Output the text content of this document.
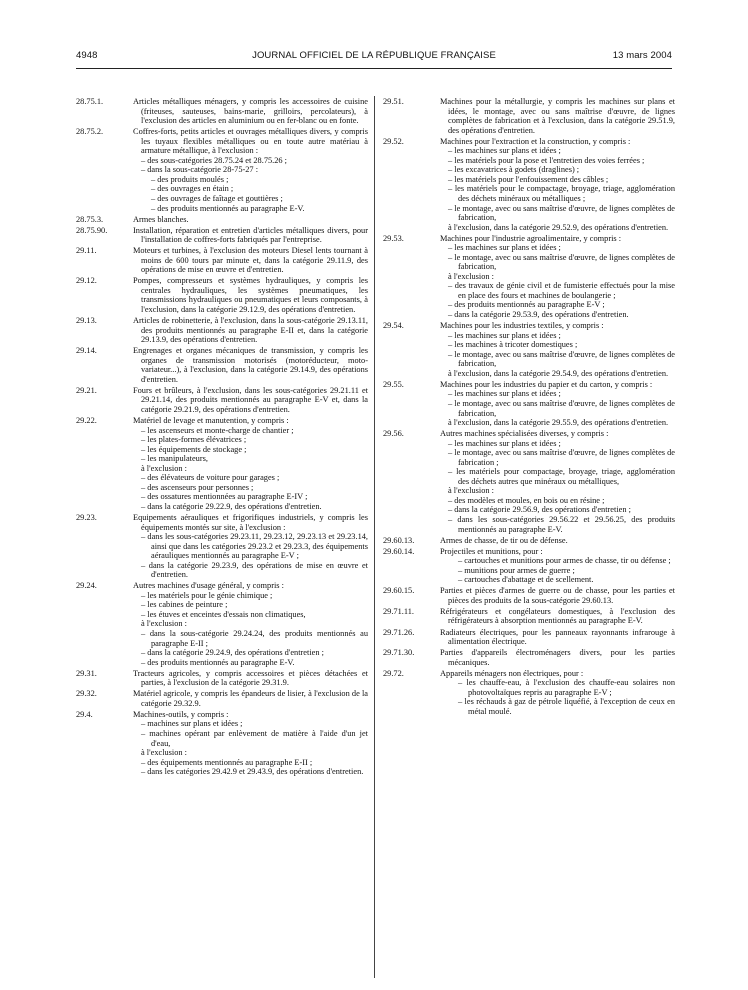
4948	JOURNAL OFFICIEL DE LA RÉPUBLIQUE FRANÇAISE	13 mars 2004
28.75.1.	Articles métalliques ménagers, y compris les accessoires de cuisine (friteuses, sauteuses, bains-marie, grilloirs, percolateurs), à l'exclusion des articles en aluminium ou en fer-blanc ou en fonte.
28.75.2.	Coffres-forts, petits articles et ouvrages métalliques divers, y compris les tuyaux flexibles métalliques ou en toute autre matériau à armature métallique, à l'exclusion :
– des sous-catégories 28.75.24 et 28.75.26 ;
– dans la sous-catégorie 28-75-27 :
– des produits moulés ;
– des ouvrages en étain ;
– des ouvrages de faîtage et gouttières ;
– des produits mentionnés au paragraphe E-V.
28.75.3.	Armes blanches.
28.75.90.	Installation, réparation et entretien d'articles métalliques divers, pour l'installation de coffres-forts fabriqués par l'entreprise.
29.11.	Moteurs et turbines, à l'exclusion des moteurs Diesel lents tournant à moins de 600 tours par minute et, dans la catégorie 29.11.9, des opérations de mise en œuvre et d'entretien.
29.12.	Pompes, compresseurs et systèmes hydrauliques, y compris les centrales hydrauliques, les systèmes pneumatiques, les transmissions hydrauliques ou pneumatiques et leurs composants, à l'exclusion, dans la catégorie 29.12.9, des opérations d'entretien.
29.13.	Articles de robinetterie, à l'exclusion, dans la sous-catégorie 29.13.11, des produits mentionnés au paragraphe E-II et, dans la catégorie 29.13.9, des opérations d'entretien.
29.14.	Engrenages et organes mécaniques de transmission, y compris les organes de transmission motorisés (motoréducteur, moto-variateur...), à l'exclusion, dans la catégorie 29.14.9, des opérations d'entretien.
29.21.	Fours et brûleurs, à l'exclusion, dans les sous-catégories 29.21.11 et 29.21.14, des produits mentionnés au paragraphe E-V et, dans la catégorie 29.21.9, des opérations d'entretien.
29.22.	Matériel de levage et manutention, y compris :
– les ascenseurs et monte-charge de chantier ;
– les plates-formes élévatrices ;
– les équipements de stockage ;
– les manipulateurs,
à l'exclusion :
– des élévateurs de voiture pour garages ;
– des ascenseurs pour personnes ;
– des ossatures mentionnées au paragraphe E-IV ;
– dans la catégorie 29.22.9, des opérations d'entretien.
29.23.	Equipements aérauliques et frigorifiques industriels, y compris les équipements montés sur site, à l'exclusion :
– dans les sous-catégories 29.23.11, 29.23.12, 29.23.13 et 29.23.14, ainsi que dans les catégories 29.23.2 et 29.23.3, des équipements aérauliques mentionnés au paragraphe E-V ;
– dans la catégorie 29.23.9, des opérations de mise en œuvre et d'entretien.
29.24.	Autres machines d'usage général, y compris :
– les matériels pour le génie chimique ;
– les cabines de peinture ;
– les étuves et enceintes d'essais non climatiques,
à l'exclusion :
– dans la sous-catégorie 29.24.24, des produits mentionnés au paragraphe E-II ;
– dans la catégorie 29.24.9, des opérations d'entretien ;
– des produits mentionnés au paragraphe E-V.
29.31.	Tracteurs agricoles, y compris accessoires et pièces détachées et parties, à l'exclusion de la catégorie 29.31.9.
29.32.	Matériel agricole, y compris les épandeurs de lisier, à l'exclusion de la catégorie 29.32.9.
29.4.	Machines-outils, y compris :
– machines sur plans et idées ;
– machines opérant par enlèvement de matière à l'aide d'un jet d'eau,
à l'exclusion :
– des équipements mentionnés au paragraphe E-II ;
– dans les catégories 29.42.9 et 29.43.9, des opérations d'entretien.
29.51.	Machines pour la métallurgie, y compris les machines sur plans et idées, le montage, avec ou sans maîtrise d'œuvre, de lignes complètes de fabrication et à l'exclusion, dans la catégorie 29.51.9, des opérations d'entretien.
29.52.	Machines pour l'extraction et la construction, y compris :
– les machines sur plans et idées ;
– les matériels pour la pose et l'entretien des voies ferrées ;
– les excavatrices à godets (draglines) ;
– les matériels pour l'enfouissement des câbles ;
– les matériels pour le compactage, broyage, triage, agglomération des déchets minéraux ou métalliques ;
– le montage, avec ou sans maîtrise d'œuvre, de lignes complètes de fabrication,
à l'exclusion, dans la catégorie 29.52.9, des opérations d'entretien.
29.53.	Machines pour l'industrie agroalimentaire, y compris :
– les machines sur plans et idées ;
– le montage, avec ou sans maîtrise d'œuvre, de lignes complètes de fabrication,
à l'exclusion :
– des travaux de génie civil et de fumisterie effectués pour la mise en place des fours et machines de boulangerie ;
– des produits mentionnés au paragraphe E-V ;
– dans la catégorie 29.53.9, des opérations d'entretien.
29.54.	Machines pour les industries textiles, y compris :
– les machines sur plans et idées ;
– les machines à tricoter domestiques ;
– le montage, avec ou sans maîtrise d'œuvre, de lignes complètes de fabrication,
à l'exclusion, dans la catégorie 29.54.9, des opérations d'entretien.
29.55.	Machines pour les industries du papier et du carton, y compris :
– les machines sur plans et idées ;
– le montage, avec ou sans maîtrise d'œuvre, de lignes complètes de fabrication,
à l'exclusion, dans la catégorie 29.55.9, des opérations d'entretien.
29.56.	Autres machines spécialisées diverses, y compris :
– les machines sur plans et idées ;
– le montage, avec ou sans maîtrise d'œuvre, de lignes complètes de fabrication ;
– les matériels pour compactage, broyage, triage, agglomération des déchets autres que minéraux ou métalliques,
à l'exclusion :
– des modèles et moules, en bois ou en résine ;
– dans la catégorie 29.56.9, des opérations d'entretien ;
– dans les sous-catégories 29.56.22 et 29.56.25, des produits mentionnés au paragraphe E-V.
29.60.13.	Armes de chasse, de tir ou de défense.
29.60.14.	Projectiles et munitions, pour :
– cartouches et munitions pour armes de chasse, tir ou défense ;
– munitions pour armes de guerre ;
– cartouches d'abattage et de scellement.
29.60.15.	Parties et pièces d'armes de guerre ou de chasse, pour les parties et pièces des produits de la sous-catégorie 29.60.13.
29.71.11.	Réfrigérateurs et congélateurs domestiques, à l'exclusion des réfrigérateurs à absorption mentionnés au paragraphe E-V.
29.71.26.	Radiateurs électriques, pour les panneaux rayonnants infrarouge à alimentation électrique.
29.71.30.	Parties d'appareils électroménagers divers, pour les parties mécaniques.
29.72.	Appareils ménagers non électriques, pour :
– les chauffe-eau, à l'exclusion des chauffe-eau solaires non photovoltaïques repris au paragraphe E-V ;
– les réchauds à gaz de pétrole liquéfié, à l'exception de ceux en métal moulé.
